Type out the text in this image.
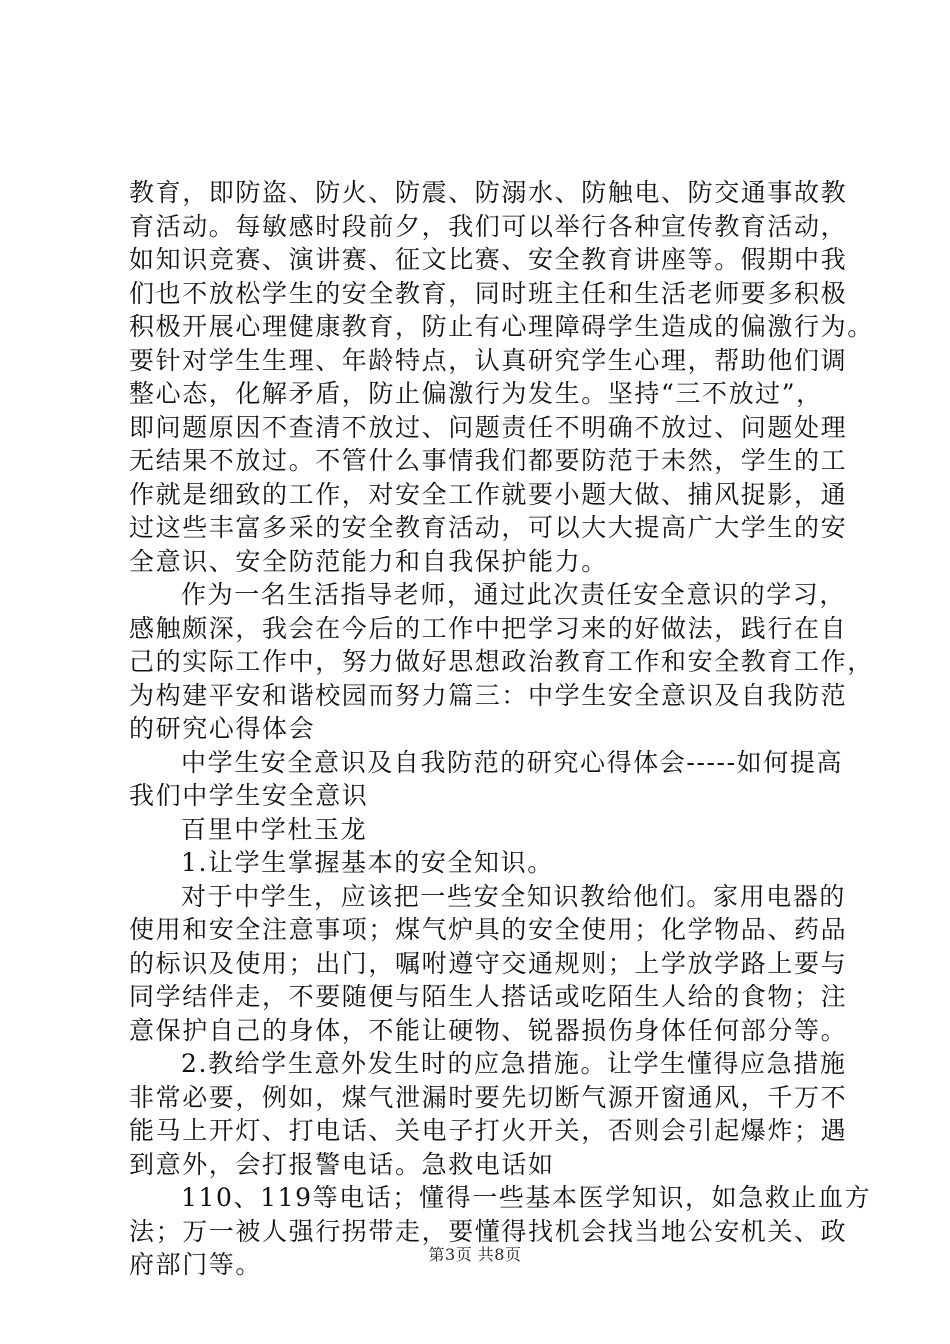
教育，即防盗、防火、防震、防溺水、防触电、防交通事故教
育活动。每敏感时段前夕，我们可以举行各种宣传教育活动，
如知识竞赛、演讲赛、征文比赛、安全教育讲座等。假期中我
们也不放松学生的安全教育，同时班主任和生活老师要多积极
积极开展心理健康教育，防止有心理障碍学生造成的偏激行为。
要针对学生生理、年龄特点，认真研究学生心理，帮助他们调
整心态，化解矛盾，防止偏激行为发生。坚持“三不放过”，
即问题原因不查清不放过、问题责任不明确不放过、问题处理
无结果不放过。不管什么事情我们都要防范于未然，学生的工
作就是细致的工作，对安全工作就要小题大做、捕风捉影，通
过这些丰富多采的安全教育活动，可以大大提高广大学生的安
全意识、安全防范能力和自我保护能力。
作为一名生活指导老师，通过此次责任安全意识的学习，
感触颇深，我会在今后的工作中把学习来的好做法，践行在自
己的实际工作中，努力做好思想政治教育工作和安全教育工作，
为构建平安和谐校园而努力篇三：中学生安全意识及自我防范
的研究心得体会
中学生安全意识及自我防范的研究心得体会-----如何提高
我们中学生安全意识
百里中学杜玉龙
1.让学生掌握基本的安全知识。
对于中学生，应该把一些安全知识教给他们。家用电器的
使用和安全注意事项；煤气炉具的安全使用；化学物品、药品
的标识及使用；出门，嘱咐遵守交通规则；上学放学路上要与
同学结伴走，不要随便与陌生人搭话或吃陌生人给的食物；注
意保护自己的身体，不能让硬物、锐器损伤身体任何部分等。
2.教给学生意外发生时的应急措施。让学生懂得应急措施
非常必要，例如，煤气泄漏时要先切断气源开窗通风，千万不
能马上开灯、打电话、关电子打火开关，否则会引起爆炸；遇
到意外，会打报警电话。急救电话如
110、119等电话；懂得一些基本医学知识，如急救止血方
法；万一被人强行拐带走，要懂得找机会找当地公安机关、政
府部门等。	第3页 共8页
